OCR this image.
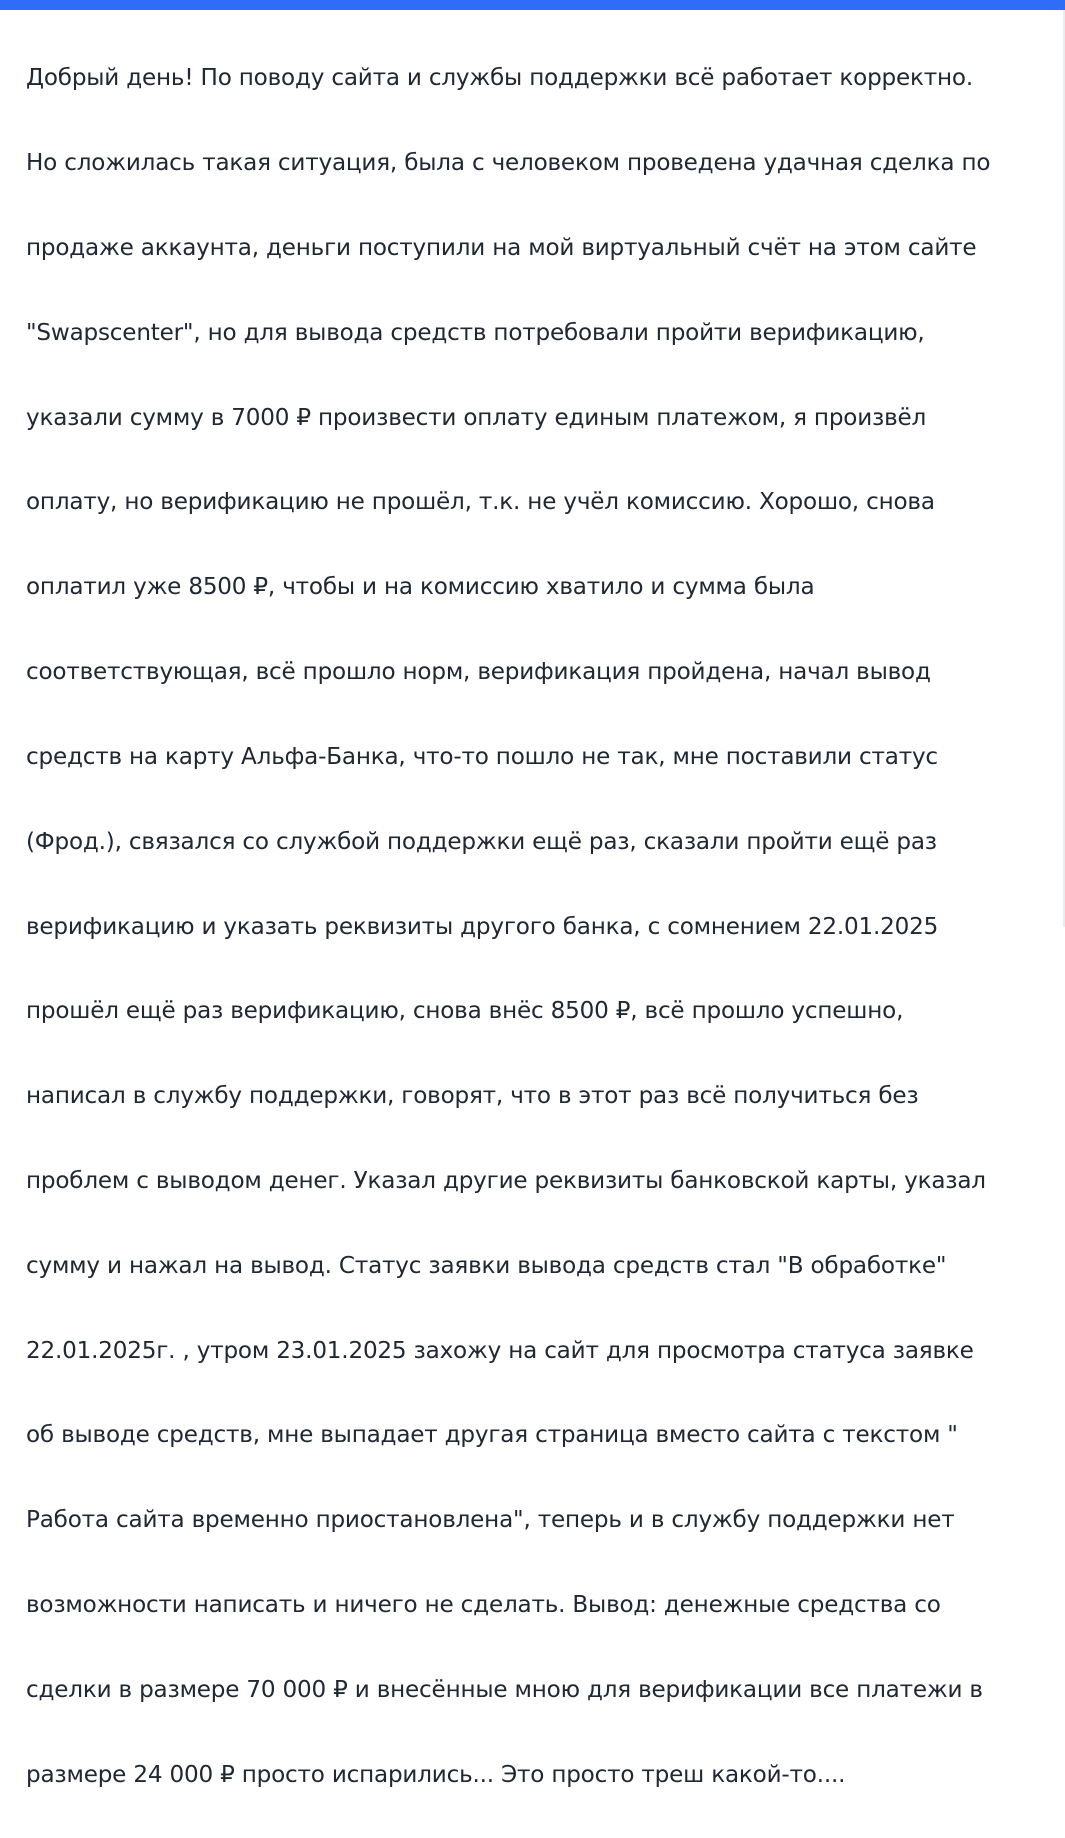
Добрый день! По поводу сайта и службы поддержки всё работает корректно.

Но сложилась такая ситуация, была с человеком проведена удачная сделка по

продаже аккаунта, деньги поступили на мой виртуальный счёт на этом сайте

"Swapscenter", но для вывода средств потребовали пройти верификацию,

указали сумму в 7000 ₽ произвести оплату единым платежом, я произвёл

оплату, но верификацию не прошёл, т.к. не учёл комиссию. Хорошо, снова

оплатил уже 8500 ₽, чтобы и на комиссию хватило и сумма была

соответствующая, всё прошло норм, верификация пройдена, начал вывод

средств на карту Альфа-Банка, что-то пошло не так, мне поставили статус

(Фрод.), связался со службой поддержки ещё раз, сказали пройти ещё раз

верификацию и указать реквизиты другого банка, с сомнением 22.01.2025

прошёл ещё раз верификацию, снова внёс 8500 ₽, всё прошло успешно,

написал в службу поддержки, говорят, что в этот раз всё получиться без

проблем с выводом денег. Указал другие реквизиты банковской карты, указал

сумму и нажал на вывод. Статус заявки вывода средств стал "В обработке"

22.01.2025г. , утром 23.01.2025 захожу на сайт для просмотра статуса заявке

об выводе средств, мне выпадает другая страница вместо сайта с текстом "

Работа сайта временно приостановлена", теперь и в службу поддержки нет

возможности написать и ничего не сделать. Вывод: денежные средства со

сделки в размере 70 000 ₽ и внесённые мною для верификации все платежи в

размере 24 000 ₽ просто испарились... Это просто треш какой-то....
